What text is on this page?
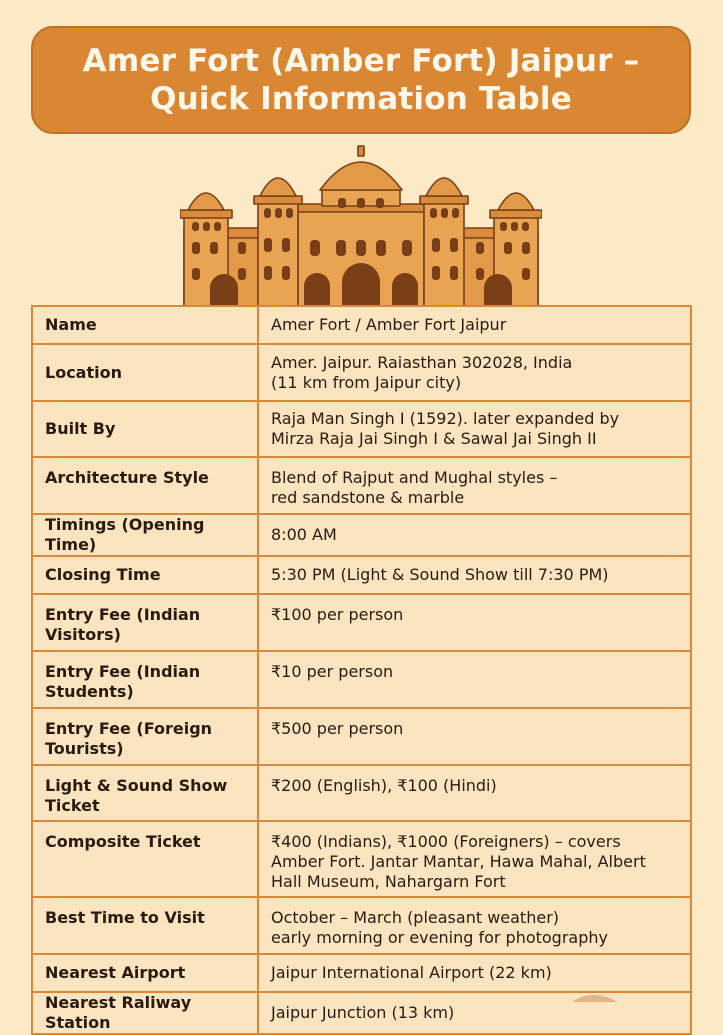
Amer Fort (Amber Fort) Jaipur –
Quick Information Table
Name	Amer Fort / Amber Fort Jaipur

Location	Amer. Jaipur. Raiasthan 302028, India
(11 km from Jaipur city)

Built By	Raja Man Singh I (1592). later expanded by
Mirza Raja Jai Singh I & Sawal Jai Singh II

Architecture Style	Blend of Rajput and Mughal styles –
red sandstone & marble

Timings (Opening Time)	8:00 AM

Closing Time	5:30 PM (Light & Sound Show till 7:30 PM)

Entry Fee (Indian Visitors)	₹100 per person

Entry Fee (Indian Students)	₹10 per person

Entry Fee (Foreign Tourists)	₹500 per person

Light & Sound Show Ticket	₹200 (English), ₹100 (Hindi)

Composite Ticket	₹400 (Indians), ₹1000 (Foreigners) – covers
Amber Fort. Jantar Mantar, Hawa Mahal, Albert
Hall Museum, Nahargarn Fort

Best Time to Visit	October – March (pleasant weather)
early morning or evening for photography

Nearest Airport	Jaipur International Airport (22 km)

Nearest Raliway Station	Jaipur Junction (13 km)
